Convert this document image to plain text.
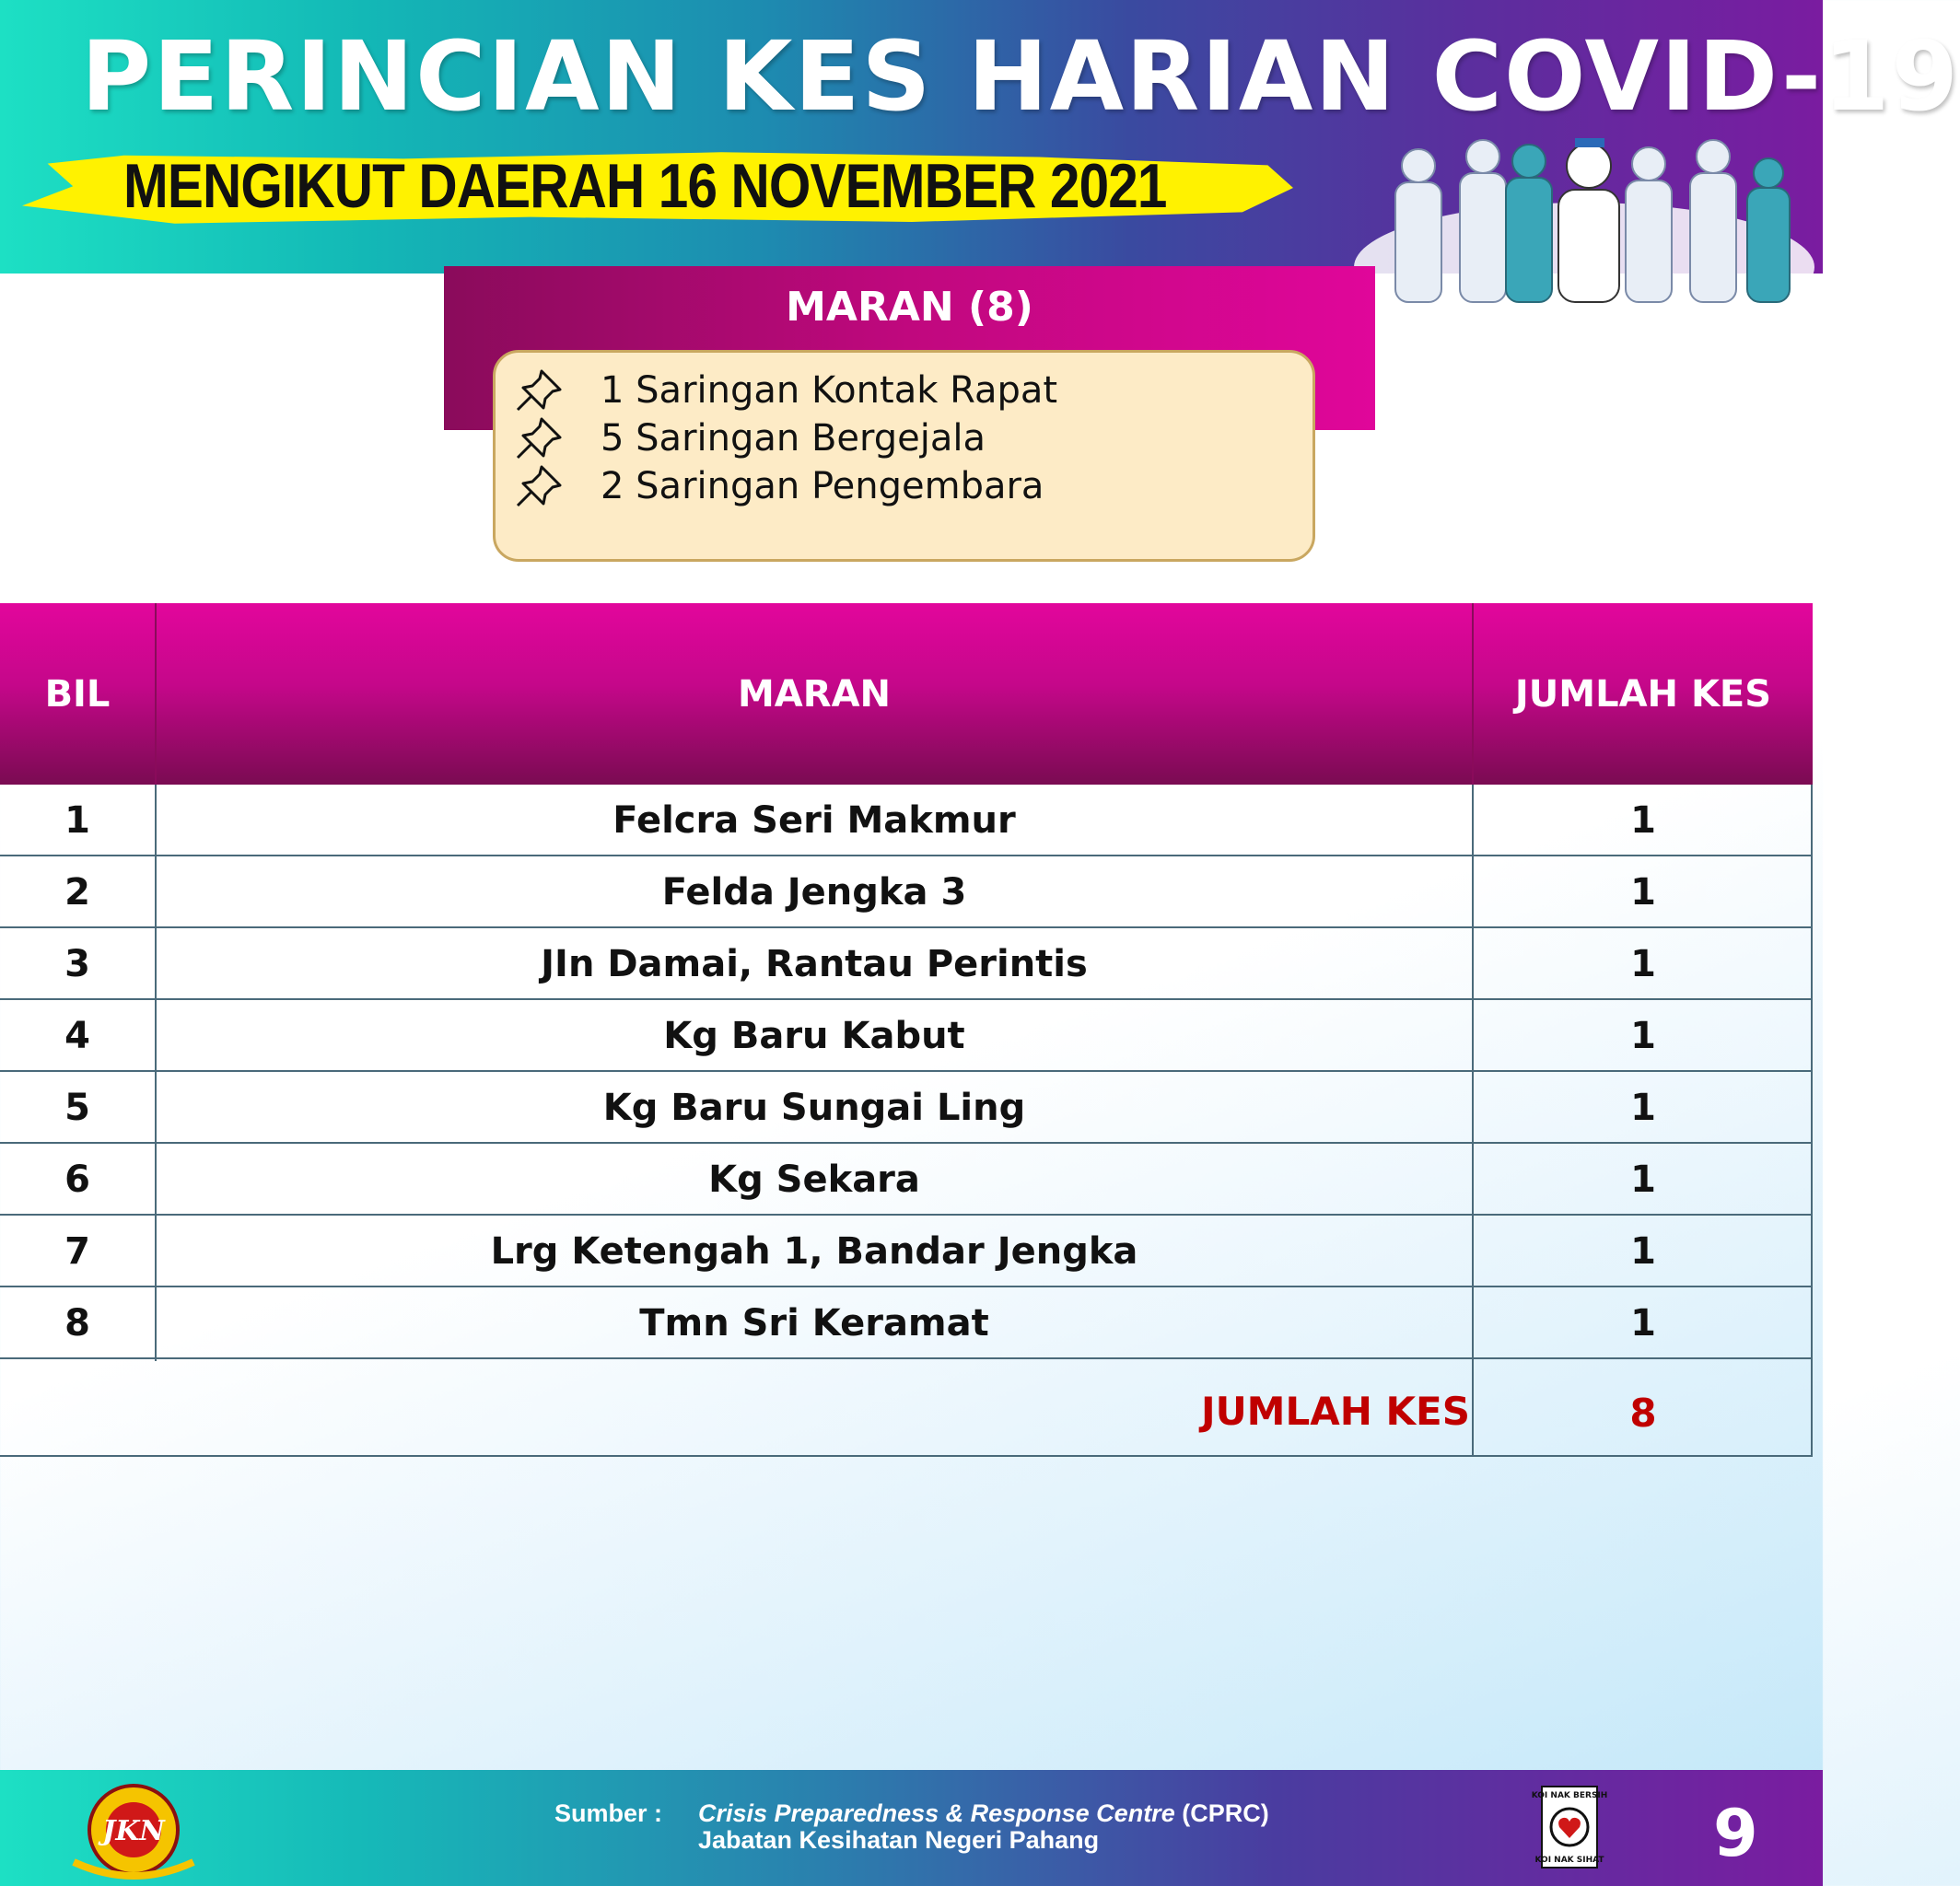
PERINCIAN KES HARIAN COVID-19
MENGIKUT DAERAH 16 NOVEMBER 2021
MARAN (8)
1 Saringan Kontak Rapat
5 Saringan Bergejala
2 Saringan Pengembara
BIL	MARAN	JUMLAH KES
1	Felcra Seri Makmur	1
2	Felda Jengka 3	1
3	JIn Damai, Rantau Perintis	1
4	Kg Baru Kabut	1
5	Kg Baru Sungai Ling	1
6	Kg Sekara	1
7	Lrg Ketengah 1, Bandar Jengka	1
8	Tmn Sri Keramat	1
JUMLAH KES	8
JKN
Sumber : Crisis Preparedness & Response Centre (CPRC)
Jabatan Kesihatan Negeri Pahang
KOI NAK BERSIH
KOI NAK SIHAT 9
